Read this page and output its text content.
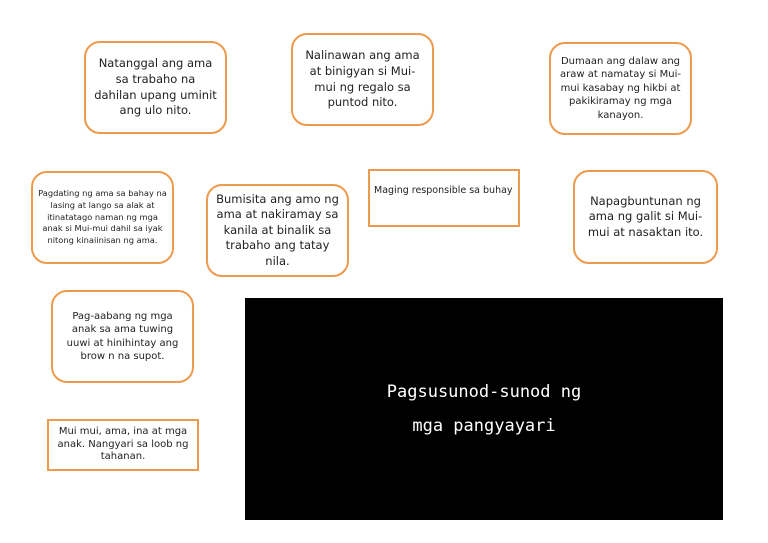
Natanggal ang ama sa trabaho na dahilan upang uminit ang ulo nito.
Nalinawan ang ama at binigyan si Mui- mui ng regalo sa puntod nito.
Dumaan ang dalaw ang araw at namatay si Mui-mui kasabay ng hikbi at pakikiramay ng mga kanayon.
Pagdating ng ama sa bahay na lasing at lango sa alak at itinatatago naman ng mga anak si Mui-mui dahil sa iyak nitong kinaiinisan ng ama.
Bumisita ang amo ng ama at nakiramay sa kanila at binalik sa trabaho ang tatay nila.
Maging responsible sa buhay
Napagbuntunan ng ama ng galit si Mui-mui at nasaktan ito.
Pag-aabang ng mga anak sa ama tuwing uuwi at hinihintay ang brow n na supot.
Mui mui, ama, ina at mga anak. Nangyari sa loob ng tahanan.
Pagsusunod-sunod ng
mga pangyayari
